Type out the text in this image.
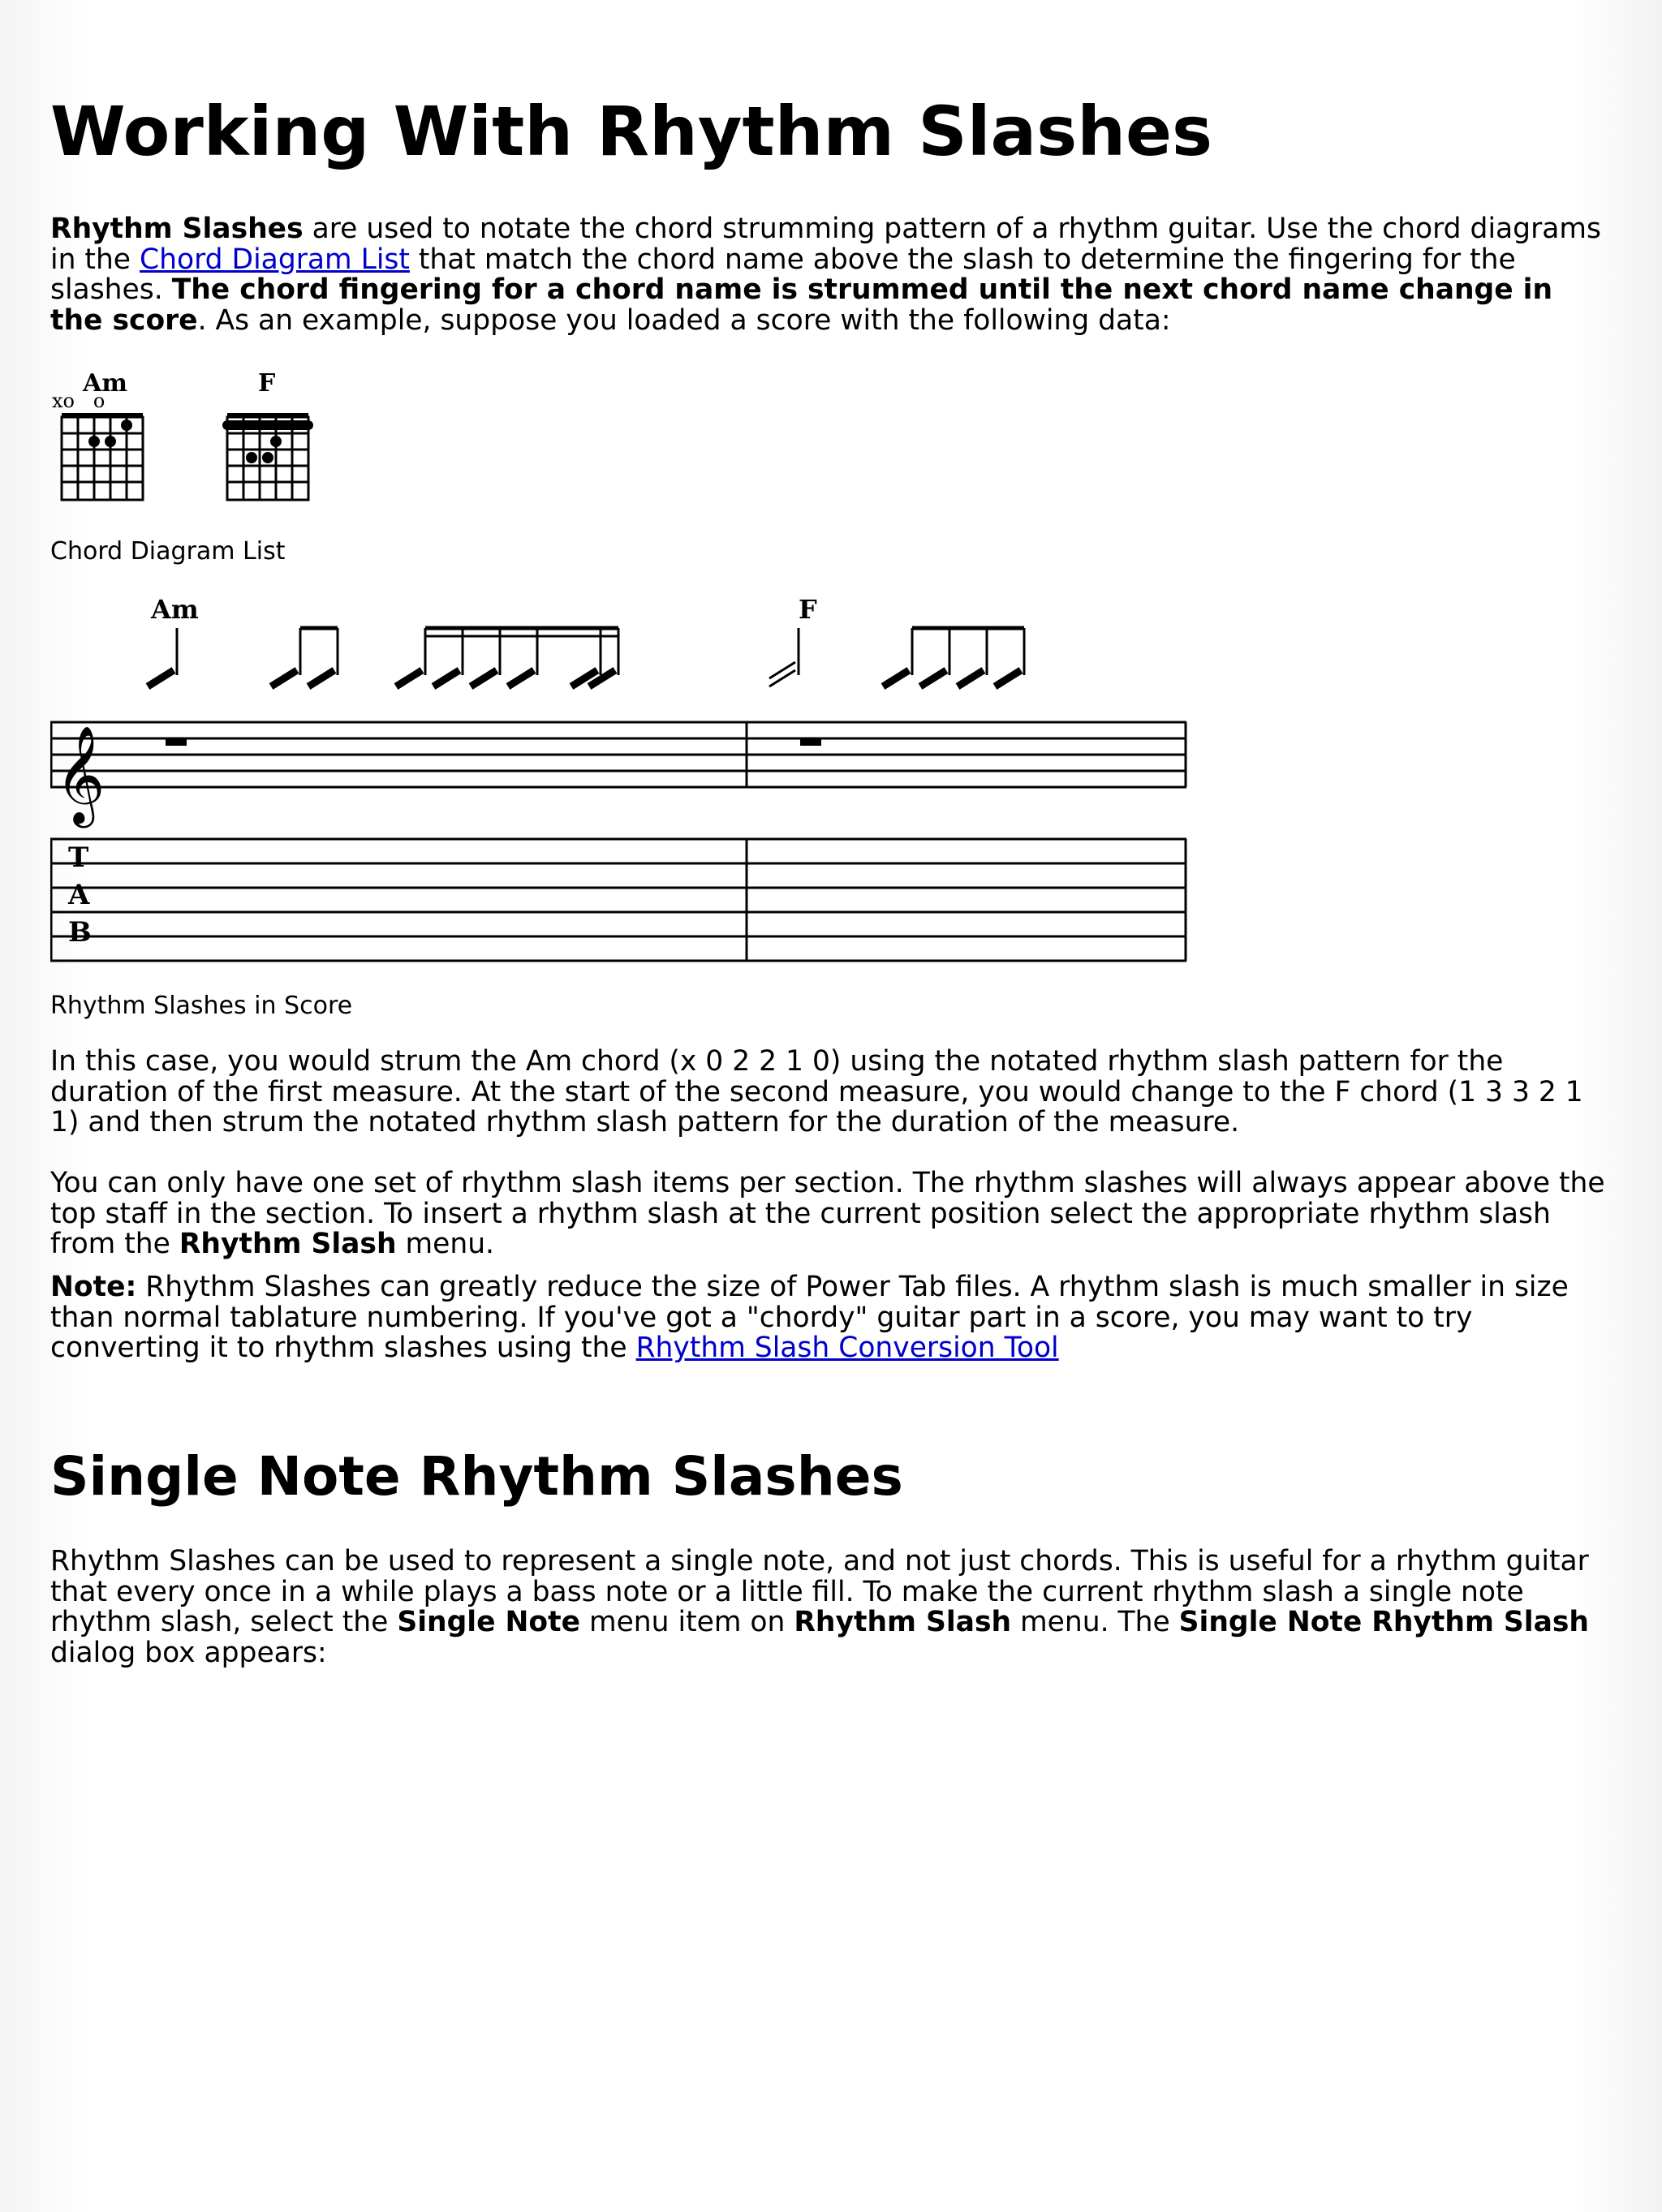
Working With Rhythm Slashes

Rhythm Slashes are used to notate the chord strumming pattern of a rhythm guitar. Use the chord diagrams in the Chord Diagram List that match the chord name above the slash to determine the fingering for the slashes. The chord fingering for a chord name is strummed until the next chord name change in the score. As an example, suppose you loaded a score with the following data:

Am
xo   o
F

Chord Diagram List

Am	F
𝄞
T
A
B

Rhythm Slashes in Score

In this case, you would strum the Am chord (x 0 2 2 1 0) using the notated rhythm slash pattern for the duration of the first measure. At the start of the second measure, you would change to the F chord (1 3 3 2 1 1) and then strum the notated rhythm slash pattern for the duration of the measure.

You can only have one set of rhythm slash items per section. The rhythm slashes will always appear above the top staff in the section. To insert a rhythm slash at the current position select the appropriate rhythm slash from the Rhythm Slash menu.

Note: Rhythm Slashes can greatly reduce the size of Power Tab files. A rhythm slash is much smaller in size than normal tablature numbering. If you've got a "chordy" guitar part in a score, you may want to try converting it to rhythm slashes using the Rhythm Slash Conversion Tool

Single Note Rhythm Slashes

Rhythm Slashes can be used to represent a single note, and not just chords. This is useful for a rhythm guitar that every once in a while plays a bass note or a little fill. To make the current rhythm slash a single note rhythm slash, select the Single Note menu item on Rhythm Slash menu. The Single Note Rhythm Slash dialog box appears:
